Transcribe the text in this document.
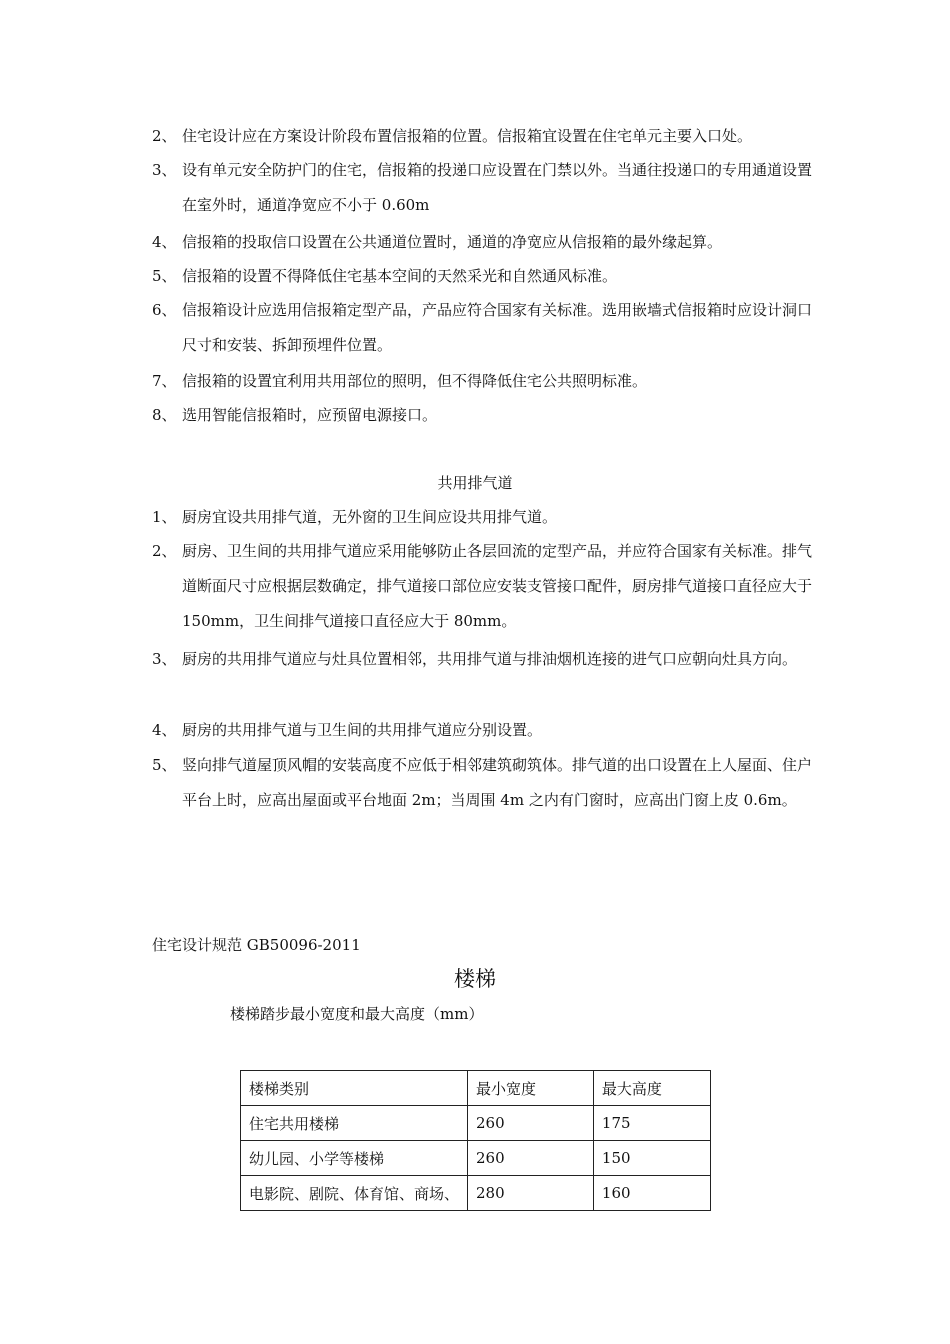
2、 住宅设计应在方案设计阶段布置信报箱的位置。信报箱宜设置在住宅单元主要入口处。
3、 设有单元安全防护门的住宅，信报箱的投递口应设置在门禁以外。当通往投递口的专用通道设置在室外时，通道净宽应不小于 0.60m
4、 信报箱的投取信口设置在公共通道位置时，通道的净宽应从信报箱的最外缘起算。
5、 信报箱的设置不得降低住宅基本空间的天然采光和自然通风标准。
6、 信报箱设计应选用信报箱定型产品，产品应符合国家有关标准。选用嵌墙式信报箱时应设计洞口尺寸和安装、拆卸预埋件位置。
7、 信报箱的设置宜利用共用部位的照明，但不得降低住宅公共照明标准。
8、 选用智能信报箱时，应预留电源接口。
共用排气道
1、 厨房宜设共用排气道，无外窗的卫生间应设共用排气道。
2、 厨房、卫生间的共用排气道应采用能够防止各层回流的定型产品，并应符合国家有关标准。排气道断面尺寸应根据层数确定，排气道接口部位应安装支管接口配件，厨房排气道接口直径应大于 150mm，卫生间排气道接口直径应大于 80mm。
3、 厨房的共用排气道应与灶具位置相邻，共用排气道与排油烟机连接的进气口应朝向灶具方向。
4、 厨房的共用排气道与卫生间的共用排气道应分别设置。
5、 竖向排气道屋顶风帽的安装高度不应低于相邻建筑砌筑体。排气道的出口设置在上人屋面、住户平台上时，应高出屋面或平台地面 2m；当周围 4m 之内有门窗时，应高出门窗上皮 0.6m。
住宅设计规范 GB50096-2011
楼梯
楼梯踏步最小宽度和最大高度（mm）
楼梯类别	最小宽度	最大高度
住宅共用楼梯	260	175
幼儿园、小学等楼梯	260	150
电影院、剧院、体育馆、商场、	280	160
